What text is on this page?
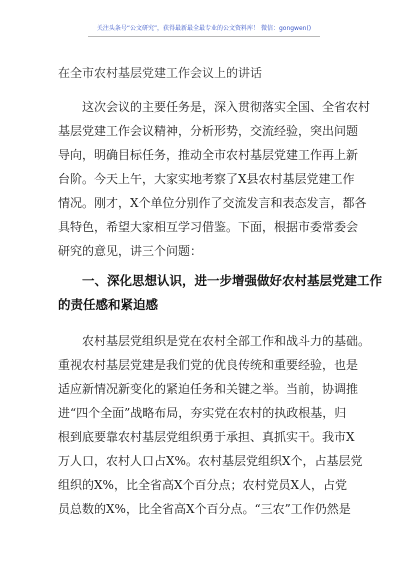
关注头条号“公文研究”，获得最新最全最专业的公文资料库！ 微信：gongwen()
在全市农村基层党建工作会议上的讲话

这次会议的主要任务是，深入贯彻落实全国、全省农村
基层党建工作会议精神，分析形势，交流经验，突出问题
导向，明确目标任务，推动全市农村基层党建工作再上新
台阶。今天上午，大家实地考察了X县农村基层党建工作
情况。刚才，X个单位分别作了交流发言和表态发言，都各
具特色，希望大家相互学习借鉴。下面，根据市委常委会
研究的意见，讲三个问题：

一、深化思想认识，进一步增强做好农村基层党建工作
的责任感和紧迫感

农村基层党组织是党在农村全部工作和战斗力的基础。
重视农村基层党建是我们党的优良传统和重要经验，也是
适应新情况新变化的紧迫任务和关键之举。当前，协调推
进“四个全面”战略布局，夯实党在农村的执政根基，归
根到底要靠农村基层党组织勇于承担、真抓实干。我市X
万人口，农村人口占X%。农村基层党组织X个，占基层党
组织的X%，比全省高X个百分点；农村党员X人，占党
员总数的X%，比全省高X个百分点。“三农”工作仍然是
